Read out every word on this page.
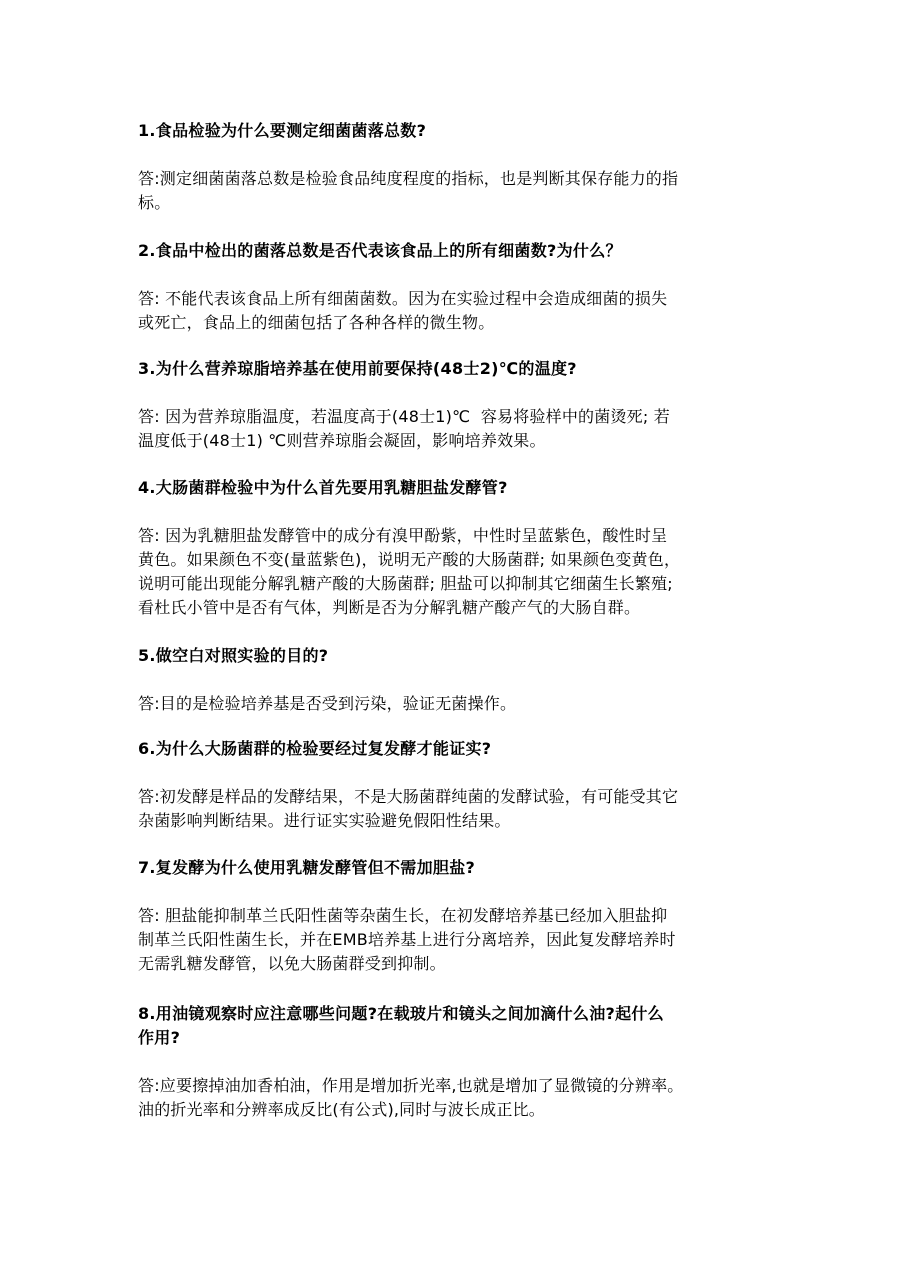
1.食品检验为什么要测定细菌菌落总数?

答:测定细菌菌落总数是检验食品纯度程度的指标，也是判断其保存能力的指

标。

2.食品中检出的菌落总数是否代表该食品上的所有细菌数?为什么？

答: 不能代表该食品上所有细菌菌数。因为在实验过程中会造成细菌的损失

或死亡，食品上的细菌包括了各种各样的微生物。

3.为什么营养琼脂培养基在使用前要保持(48士2)℃的温度?

答: 因为营养琼脂温度，若温度高于(48士1)℃  容易将验样中的菌烫死; 若

温度低于(48士1) ℃则营养琼脂会凝固，影响培养效果。

4.大肠菌群检验中为什么首先要用乳糖胆盐发酵管?

答: 因为乳糖胆盐发酵管中的成分有溴甲酚紫，中性时呈蓝紫色，酸性时呈

黄色。如果颜色不变(量蓝紫色)，说明无产酸的大肠菌群; 如果颜色变黄色，

说明可能出现能分解乳糖产酸的大肠菌群; 胆盐可以抑制其它细菌生长繁殖;

看杜氏小管中是否有气体，判断是否为分解乳糖产酸产气的大肠自群。

5.做空白对照实验的目的?

答:目的是检验培养基是否受到污染，验证无菌操作。

6.为什么大肠菌群的检验要经过复发酵才能证实?

答:初发酵是样品的发酵结果，不是大肠菌群纯菌的发酵试验，有可能受其它

杂菌影响判断结果。进行证实实验避免假阳性结果。

7.复发酵为什么使用乳糖发酵管但不需加胆盐?

答: 胆盐能抑制革兰氏阳性菌等杂菌生长，在初发酵培养基已经加入胆盐抑

制革兰氏阳性菌生长，并在EMB培养基上进行分离培养，因此复发酵培养时

无需乳糖发酵管，以免大肠菌群受到抑制。

8.用油镜观察时应注意哪些问题?在载玻片和镜头之间加滴什么油?起什么
作用?

答:应要擦掉油加香柏油，作用是增加折光率,也就是增加了显微镜的分辨率。

油的折光率和分辨率成反比(有公式),同时与波长成正比。
